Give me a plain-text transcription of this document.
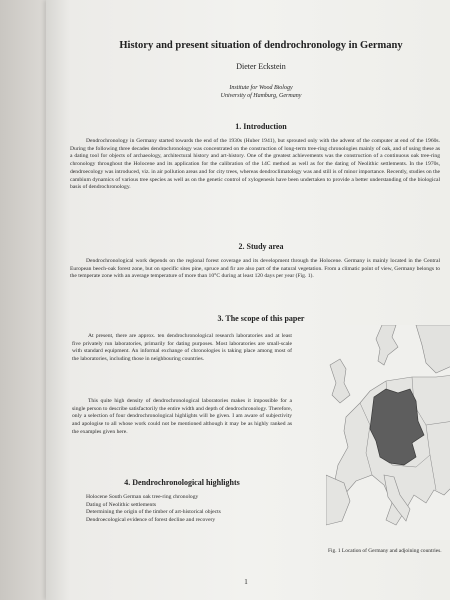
History and present situation of dendrochronology in Germany
Dieter Eckstein
Institute for Wood Biology
University of Hamburg, Germany
1. Introduction

Dendrochronology in Germany started towards the end of the 1930s (Huber 1941), but sprouted only with the advent of the computer at end of the 1960s. During the following three decades dendrochronology was concentrated on the construction of long-term tree-ring chronologies mainly of oak, and of using these as a dating tool for objects of archaeology, architectural history and art-history. One of the greatest achievements was the construction of a continuous oak tree-ring chronology throughout the Holocene and its application for the calibration of the 14C method as well as for the dating of Neolithic settlements. In the 1970s, dendroecology was introduced, viz. in air pollution areas and for city trees, whereas dendroclimatology was and still is of minor importance. Recently, studies on the cambium dynamics of various tree species as well as on the genetic control of xylogenesis have been undertaken to provide a better understanding of the biological basis of dendrochronology.

2. Study area

Dendrochronological work depends on the regional forest coverage and its development through the Holocene. Germany is mainly located in the Central European beech-oak forest zone, but on specific sites pine, spruce and fir are also part of the natural vegetation. From a climatic point of view, Germany belongs to the temperate zone with an average temperature of more than 10°C during at least 120 days per year (Fig. 1).

3. The scope of this paper

At present, there are approx. ten dendrochronological research laboratories and at least five privately run laboratories, primarily for dating purposes. Most laboratories are small-scale with standard equipment. An informal exchange of chronologies is taking place among most of the laboratories, including those in neighbouring countries.

This quite high density of dendrochronological laboratories makes it impossible for a single person to describe satisfactorily the entire width and depth of dendrochronology. Therefore, only a selection of four dendrochronological highlights will be given. I am aware of subjectivity and apologise to all whose work could not be mentioned although it may be as highly ranked as the examples given here.

4. Dendrochronological highlights
Holocene South German oak tree-ring chronology
Dating of Neolithic settlements
Determining the origin of the timber of art-historical objects
Dendroecological evidence of forest decline and recovery
Fig. 1 Location of Germany and adjoining countries.
1
